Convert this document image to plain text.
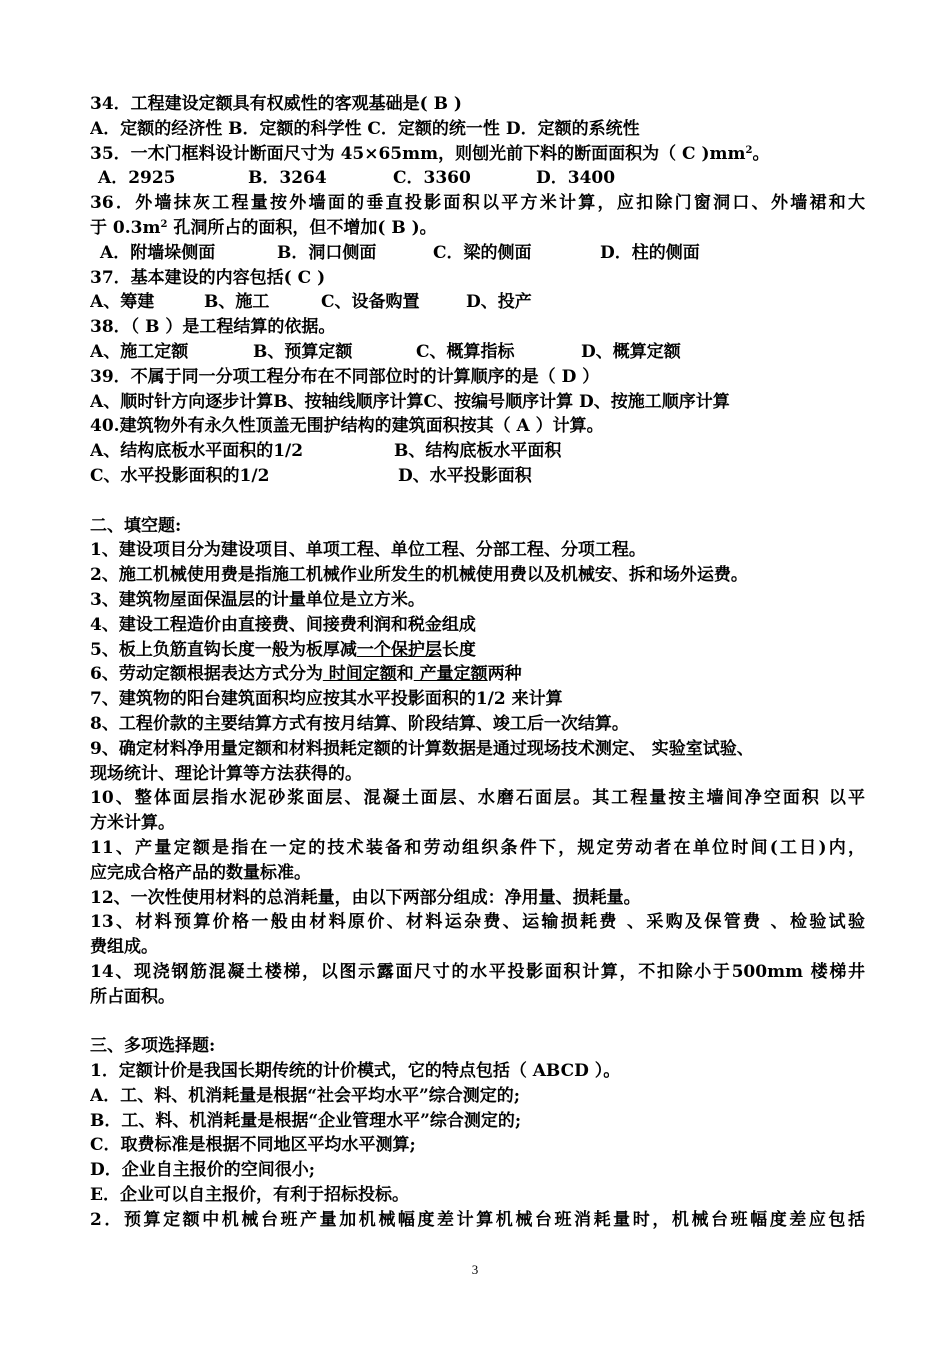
34．工程建设定额具有权威性的客观基础是( B )
A．定额的经济性 B．定额的科学性 C．定额的统一性 D．定额的系统性
35．一木门框料设计断面尺寸为 45×65mm，则刨光前下料的断面面积为（ C )$mm^2$。
A．2925	B．3264	C．3360	D．3400
36．外墙抹灰工程量按外墙面的垂直投影面积以平方米计算，应扣除门窗洞口、外墙裙和大
于 $0.3m^2$ 孔洞所占的面积，但不增加( B )。
A．附墙垛侧面	B．洞口侧面	C．梁的侧面	D．柱的侧面
37．基本建设的内容包括( C )
A、筹建	B、施工	C、设备购置	D、投产
38．（ B ）是工程结算的依据。
A、施工定额	B、预算定额	C、概算指标	D、概算定额
39．不属于同一分项工程分布在不同部位时的计算顺序的是（ D ）
A、顺时针方向逐步计算B、按轴线顺序计算C、按编号顺序计算 D、按施工顺序计算
40.建筑物外有永久性顶盖无围护结构的建筑面积按其（ A ）计算。
A、结构底板水平面积的1/2	B、结构底板水平面积
C、水平投影面积的1/2	D、水平投影面积
二、填空题:
1、建设项目分为建设项目、单项工程、单位工程、分部工程、分项工程。
2、施工机械使用费是指施工机械作业所发生的机械使用费以及机械安、拆和场外运费。
3、建筑物屋面保温层的计量单位是立方米。
4、建设工程造价由直接费、间接费利润和税金组成
5、板上负筋直钩长度一般为板厚减一个保护层长度
6、劳动定额根据表达方式分为 时间定额和 产量定额两种
7、建筑物的阳台建筑面积均应按其水平投影面积的1/2 来计算
8、工程价款的主要结算方式有按月结算、阶段结算、竣工后一次结算。
9、确定材料净用量定额和材料损耗定额的计算数据是通过现场技术测定、 实验室试验、
现场统计、理论计算等方法获得的。
10、整体面层指水泥砂浆面层、混凝土面层、水磨石面层。其工程量按主墙间净空面积 以平
方米计算。
11、产量定额是指在一定的技术装备和劳动组织条件下，规定劳动者在单位时间(工日)内，
应完成合格产品的数量标准。
12、一次性使用材料的总消耗量，由以下两部分组成：净用量、损耗量。
13、材料预算价格一般由材料原价、材料运杂费、运输损耗费 、采购及保管费 、检验试验
费组成。
14、现浇钢筋混凝土楼梯，以图示露面尺寸的水平投影面积计算，不扣除小于500mm 楼梯井
所占面积。
三、多项选择题:
1．定额计价是我国长期传统的计价模式，它的特点包括（ ABCD ）。
A．工、料、机消耗量是根据“社会平均水平”综合测定的;
B．工、料、机消耗量是根据“企业管理水平”综合测定的;
C．取费标准是根据不同地区平均水平测算;
D．企业自主报价的空间很小;
E．企业可以自主报价，有利于招标投标。
2．预算定额中机械台班产量加机械幅度差计算机械台班消耗量时，机械台班幅度差应包括
3
